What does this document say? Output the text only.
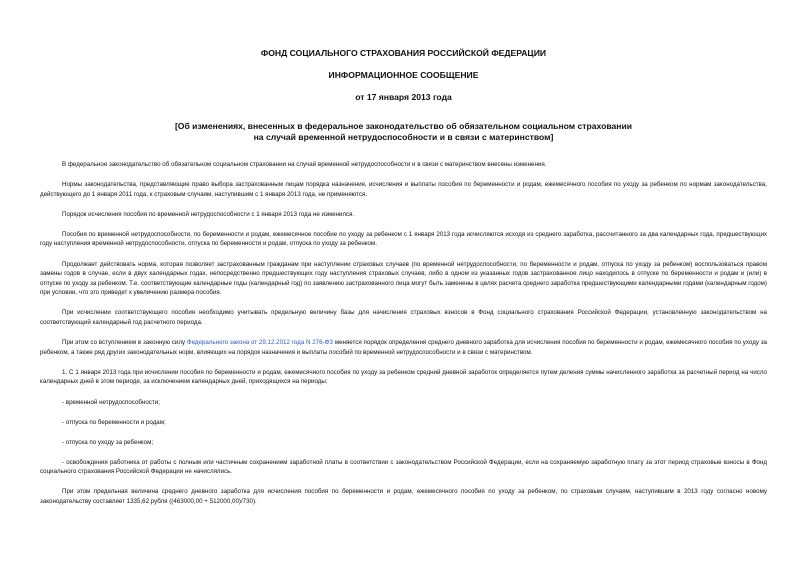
ФОНД СОЦИАЛЬНОГО СТРАХОВАНИЯ РОССИЙСКОЙ ФЕДЕРАЦИИ
ИНФОРМАЦИОННОЕ СООБЩЕНИЕ
от 17 января 2013 года
[Об изменениях, внесенных в федеральное законодательство об обязательном социальном страховании
на случай временной нетрудоспособности и в связи с материнством]

В федеральное законодательство об обязательном социальном страховании на случай временной нетрудоспособности и в связи с материнством внесены изменения.

Нормы законодательства, представляющие право выбора застрахованным лицам порядка назначения, исчисления и выплаты пособия по беременности и родам, ежемесячного пособия по уходу за ребенком по нормам законодательства, действующего до 1 января 2011 года, к страховым случаям, наступившим с 1 января 2013 года, не применяются.

Порядок исчисления пособия по временной нетрудоспособности с 1 января 2013 года не изменился.

Пособия по временной нетрудоспособности, по беременности и родам, ежемесячное пособие по уходу за ребенком с 1 января 2013 года исчисляются исходя из среднего заработка, рассчитанного за два календарных года, предшествующих году наступления временной нетрудоспособности, отпуска по беременности и родам, отпуска по уходу за ребенком.

Продолжает действовать норма, которая позволяет застрахованным гражданам при наступлении страховых случаев (по временной нетрудоспособности, по беременности и родам, отпуска по уходу за ребенком) воспользоваться правом замены годов в случае, если в двух календарных годах, непосредственно предшествующих году наступления страховых случаев, либо в одном из указанных годов застрахованное лицо находилось в отпуске по беременности и родам и (или) в отпуске по уходу за ребенком. Т.е. соответствующие календарные годы (календарный год) по заявлению застрахованного лица могут быть заменены в целях расчета среднего заработка предшествующими календарными годами (календарным годом) при условии, что это приведет к увеличению размера пособия.

При исчислении соответствующего пособия необходимо учитывать предельную величину базы для начисления страховых взносов в Фонд социального страхования Российской Федерации, установленную законодательством на соответствующий календарный год расчетного периода.

При этом со вступлением в законную силу Федерального закона от 29.12.2012 года N 276-ФЗ меняется порядок определения среднего дневного заработка для исчисления пособия по беременности и родам, ежемесячного пособия по уходу за ребенком, а также ряд других законодательных норм, влияющих на порядок назначения и выплаты пособий по временной нетрудоспособности и в связи с материнством.

1. С 1 января 2013 года при исчислении пособия по беременности и родам, ежемесячного пособия по уходу за ребенком средний дневной заработок определяется путем деления суммы начисленного заработка за расчетный период на число календарных дней в этом периоде, за исключением календарных дней, приходящихся на периоды:

- временной нетрудоспособности;

- отпуска по беременности и родам;

- отпуска по уходу за ребенком;

- освобождения работника от работы с полным или частичным сохранением заработной платы в соответствии с законодательством Российской Федерации, если на сохраняемую заработную плату за этот период страховые взносы в Фонд социального страхования Российской Федерации не начислялись.

При этом предельная величина среднего дневного заработка для исчисления пособия по беременности и родам, ежемесячного пособия по уходу за ребенком, по страховым случаям, наступившим в 2013 году согласно новому законодательству составляет 1335,62 рубля ((463000,00 + 512000,00)/730).
